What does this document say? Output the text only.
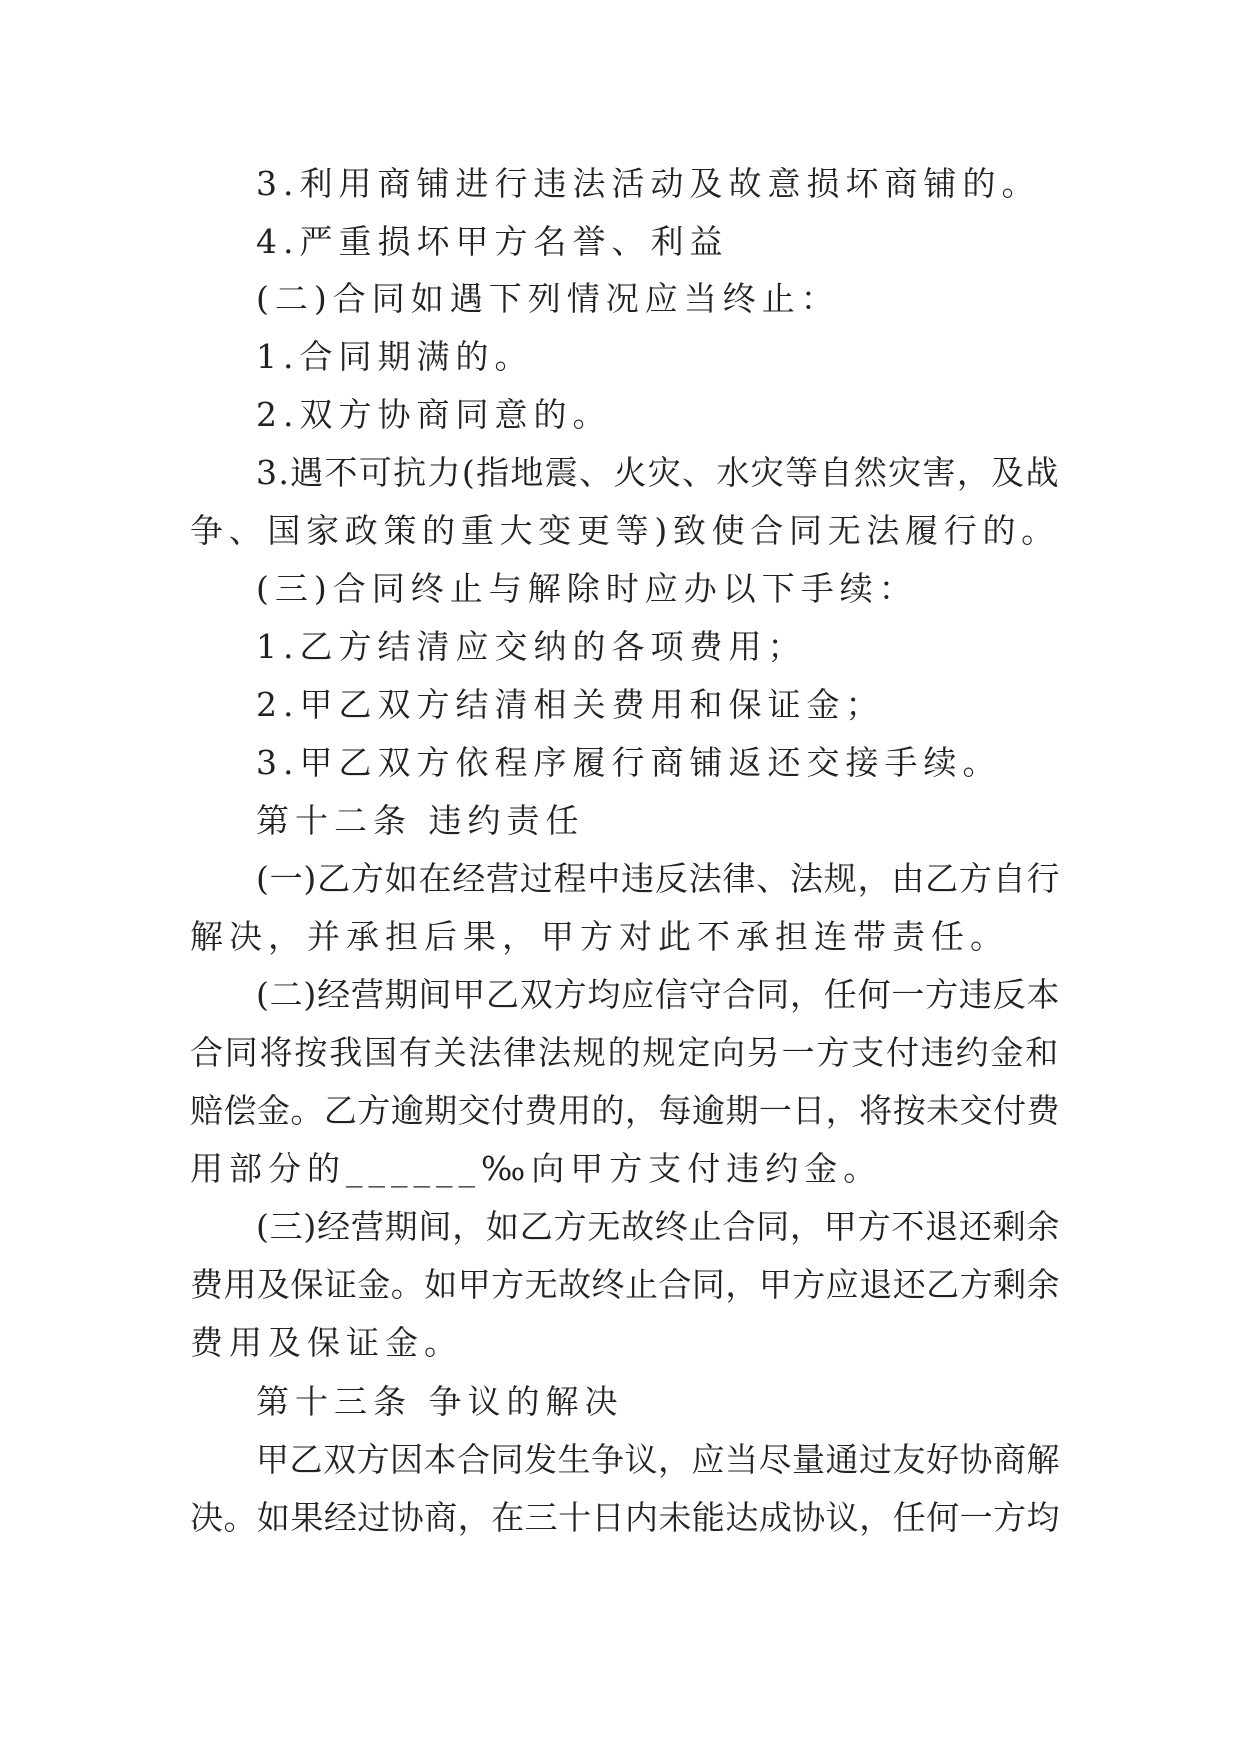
3.利用商铺进行违法活动及故意损坏商铺的。
4.严重损坏甲方名誉、利益
(二)合同如遇下列情况应当终止：
1.合同期满的。
2.双方协商同意的。
3.遇不可抗力(指地震、火灾、水灾等自然灾害，及战
争、国家政策的重大变更等)致使合同无法履行的。
(三)合同终止与解除时应办以下手续：
1.乙方结清应交纳的各项费用；
2.甲乙双方结清相关费用和保证金；
3.甲乙双方依程序履行商铺返还交接手续。
第十二条 违约责任
(一)乙方如在经营过程中违反法律、法规，由乙方自行
解决，并承担后果，甲方对此不承担连带责任。
(二)经营期间甲乙双方均应信守合同，任何一方违反本
合同将按我国有关法律法规的规定向另一方支付违约金和
赔偿金。乙方逾期交付费用的，每逾期一日，将按未交付费
用部分的______‰向甲方支付违约金。
(三)经营期间，如乙方无故终止合同，甲方不退还剩余
费用及保证金。如甲方无故终止合同，甲方应退还乙方剩余
费用及保证金。
第十三条 争议的解决
甲乙双方因本合同发生争议，应当尽量通过友好协商解
决。如果经过协商，在三十日内未能达成协议，任何一方均
